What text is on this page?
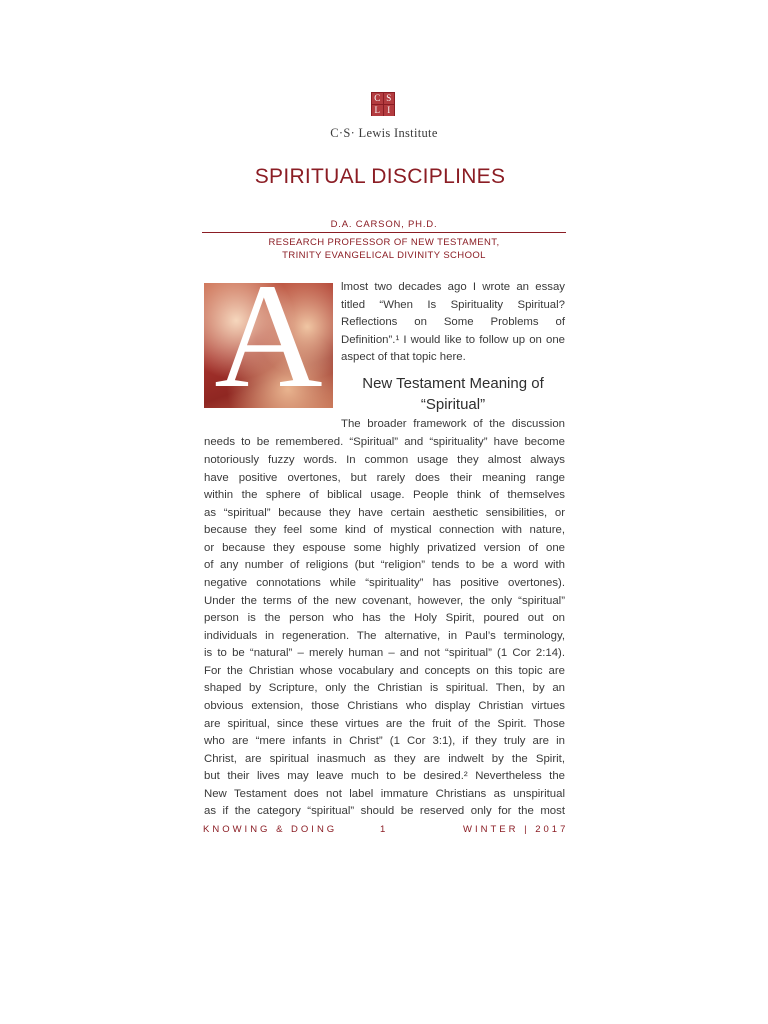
C S
L I
C·S· Lewis Institute
SPIRITUAL DISCIPLINES
D.A. CARSON, PH.D.
RESEARCH PROFESSOR OF NEW TESTAMENT,
TRINITY EVANGELICAL DIVINITY SCHOOL
A	lmost two decades ago I wrote an essay titled “When Is Spirituality Spiritual? Reflections on Some Problems of Definition”.¹ I would like to follow up on one aspect of that topic here.

New Testament Meaning of “Spiritual”

The broader framework of the discussion

needs to be remembered. “Spiritual” and “spirituality” have become

notoriously fuzzy words. In common usage they almost always

have positive overtones, but rarely does their meaning range

within the sphere of biblical usage. People think of themselves

as “spiritual” because they have certain aesthetic sensibilities, or

because they feel some kind of mystical connection with nature,

or because they espouse some highly privatized version of one

of any number of religions (but “religion” tends to be a word with

negative connotations while “spirituality” has positive overtones).

Under the terms of the new covenant, however, the only “spiritual”

person is the person who has the Holy Spirit, poured out on

individuals in regeneration. The alternative, in Paul’s terminology,

is to be “natural” – merely human – and not “spiritual” (1 Cor 2:14).

For the Christian whose vocabulary and concepts on this topic are

shaped by Scripture, only the Christian is spiritual. Then, by an

obvious extension, those Christians who display Christian virtues

are spiritual, since these virtues are the fruit of the Spirit. Those

who are “mere infants in Christ” (1 Cor 3:1), if they truly are in

Christ, are spiritual inasmuch as they are indwelt by the Spirit,

but their lives may leave much to be desired.² Nevertheless the

New Testament does not label immature Christians as unspiritual

as if the category “spiritual” should be reserved only for the most

KNOWING & DOING	1	WINTER | 2017
